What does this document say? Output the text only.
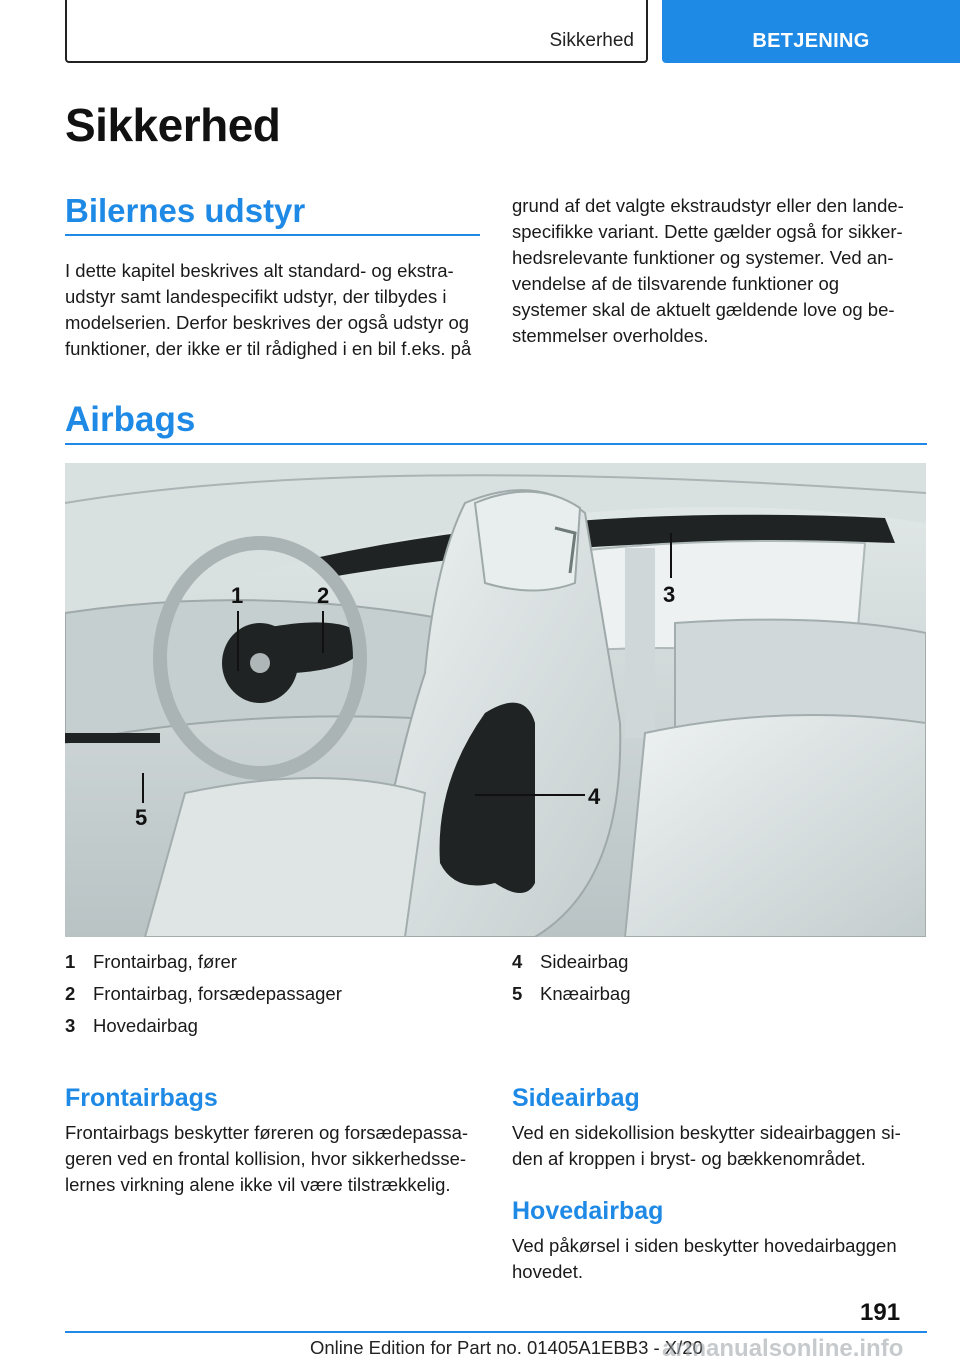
Sikkerhed	BETJENING
Sikkerhed
Bilernes udstyr
I dette kapitel beskrives alt standard- og ekstra-
udstyr samt landespecifikt udstyr, der tilbydes i
modelserien. Derfor beskrives der også udstyr og
funktioner, der ikke er til rådighed i en bil f.eks. på
grund af det valgte ekstraudstyr eller den lande-
specifikke variant. Dette gælder også for sikker-
hedsrelevante funktioner og systemer. Ved an-
vendelse af de tilsvarende funktioner og
systemer skal de aktuelt gældende love og be-
stemmelser overholdes.
Airbags
1	2	3
4
5
1 Frontairbag, fører
2 Frontairbag, forsædepassager
3 Hovedairbag
4 Sideairbag
5 Knæairbag
Frontairbags
Frontairbags beskytter føreren og forsædepassa-
geren ved en frontal kollision, hvor sikkerhedsse-
lernes virkning alene ikke vil være tilstrækkelig.
Sideairbag
Ved en sidekollision beskytter sideairbaggen si-
den af kroppen i bryst- og bækkenområdet.
Hovedairbag
Ved påkørsel i siden beskytter hovedairbaggen
hovedet.
191
Online Edition for Part no. 01405A1EBB3 - X/20
armanualsonline.info
